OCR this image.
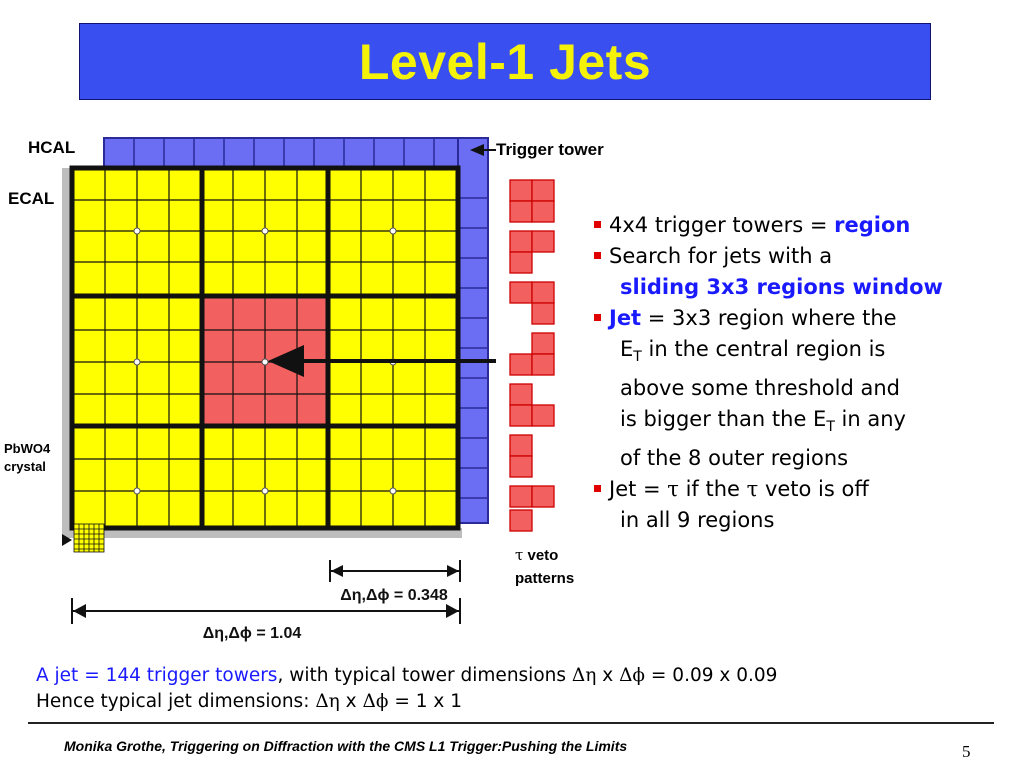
Level-1 Jets
Δη,Δϕ = 0.348
Δη,Δϕ = 1.04
HCAL
ECAL
Trigger tower
PbWO4
crystal
τ veto
patterns
4x4 trigger towers = region
Search for jets with a
sliding 3x3 regions window
Jet = 3x3 region where the
$E_T$ in the central region is
above some threshold and
is bigger than the $E_T$ in any
of the 8 outer regions
Jet = τ if the τ veto is off
in all 9 regions
A jet = 144 trigger towers, with typical tower dimensions Δη x Δϕ = 0.09 x 0.09
Hence typical jet dimensions: Δη x Δϕ = 1 x 1
Monika Grothe, Triggering on Diffraction with the CMS L1 Trigger:Pushing the Limits	5
